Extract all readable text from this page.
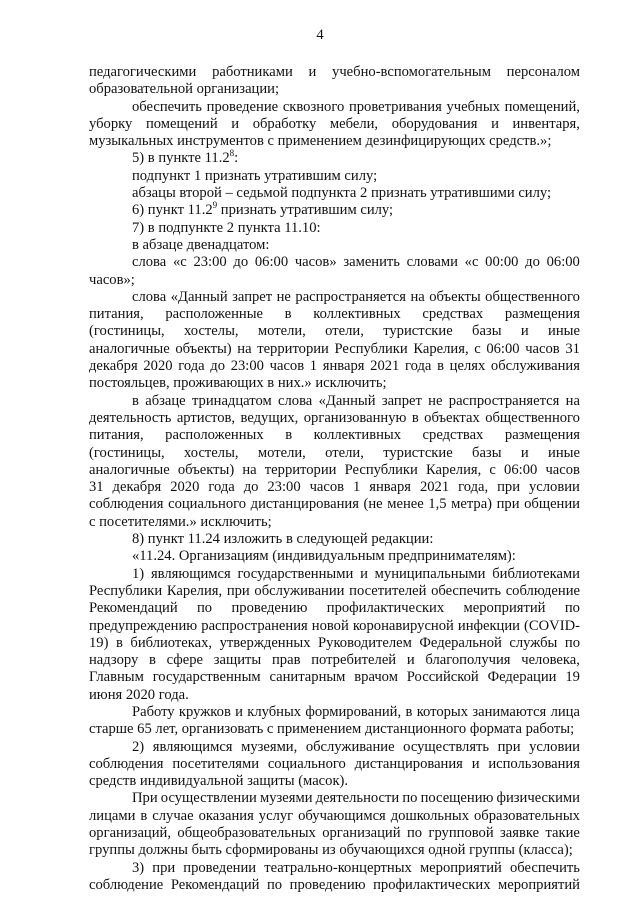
4
педагогическими работниками и учебно-вспомогательным персоналом
образовательной организации;
обеспечить проведение сквозного проветривания учебных помещений,
уборку помещений и обработку мебели, оборудования и инвентаря,
музыкальных инструментов с применением дезинфицирующих средств.»;
5) в пункте 11.2$^8$:
подпункт 1 признать утратившим силу;
абзацы второй – седьмой подпункта 2 признать утратившими силу;
6) пункт 11.2$^9$ признать утратившим силу;
7) в подпункте 2 пункта 11.10:
в абзаце двенадцатом:
слова «с 23:00 до 06:00 часов» заменить словами «с 00:00 до 06:00
часов»;
слова «Данный запрет не распространяется на объекты общественного
питания, расположенные в коллективных средствах размещения
(гостиницы, хостелы, мотели, отели, туристские базы и иные
аналогичные объекты) на территории Республики Карелия, с 06:00 часов 31
декабря 2020 года до 23:00 часов 1 января 2021 года в целях обслуживания
постояльцев, проживающих в них.» исключить;
в абзаце тринадцатом слова «Данный запрет не распространяется на
деятельность артистов, ведущих, организованную в объектах общественного
питания, расположенных в коллективных средствах размещения
(гостиницы, хостелы, мотели, отели, туристские базы и иные
аналогичные объекты) на территории Республики Карелия, с 06:00 часов
31 декабря 2020 года до 23:00 часов 1 января 2021 года, при условии
соблюдения социального дистанцирования (не менее 1,5 метра) при общении
с посетителями.» исключить;
8) пункт 11.24 изложить в следующей редакции:
«11.24. Организациям (индивидуальным предпринимателям):
1) являющимся государственными и муниципальными библиотеками
Республики Карелия, при обслуживании посетителей обеспечить соблюдение
Рекомендаций по проведению профилактических мероприятий по
предупреждению распространения новой коронавирусной инфекции (COVID-
19) в библиотеках, утвержденных Руководителем Федеральной службы по
надзору в сфере защиты прав потребителей и благополучия человека,
Главным государственным санитарным врачом Российской Федерации 19
июня 2020 года.
Работу кружков и клубных формирований, в которых занимаются лица
старше 65 лет, организовать с применением дистанционного формата работы;
2) являющимся музеями, обслуживание осуществлять при условии
соблюдения посетителями социального дистанцирования и использования
средств индивидуальной защиты (масок).
При осуществлении музеями деятельности по посещению физическими
лицами в случае оказания услуг обучающимся дошкольных образовательных
организаций, общеобразовательных организаций по групповой заявке такие
группы должны быть сформированы из обучающихся одной группы (класса);
3) при проведении театрально-концертных мероприятий обеспечить
соблюдение Рекомендаций по проведению профилактических мероприятий
